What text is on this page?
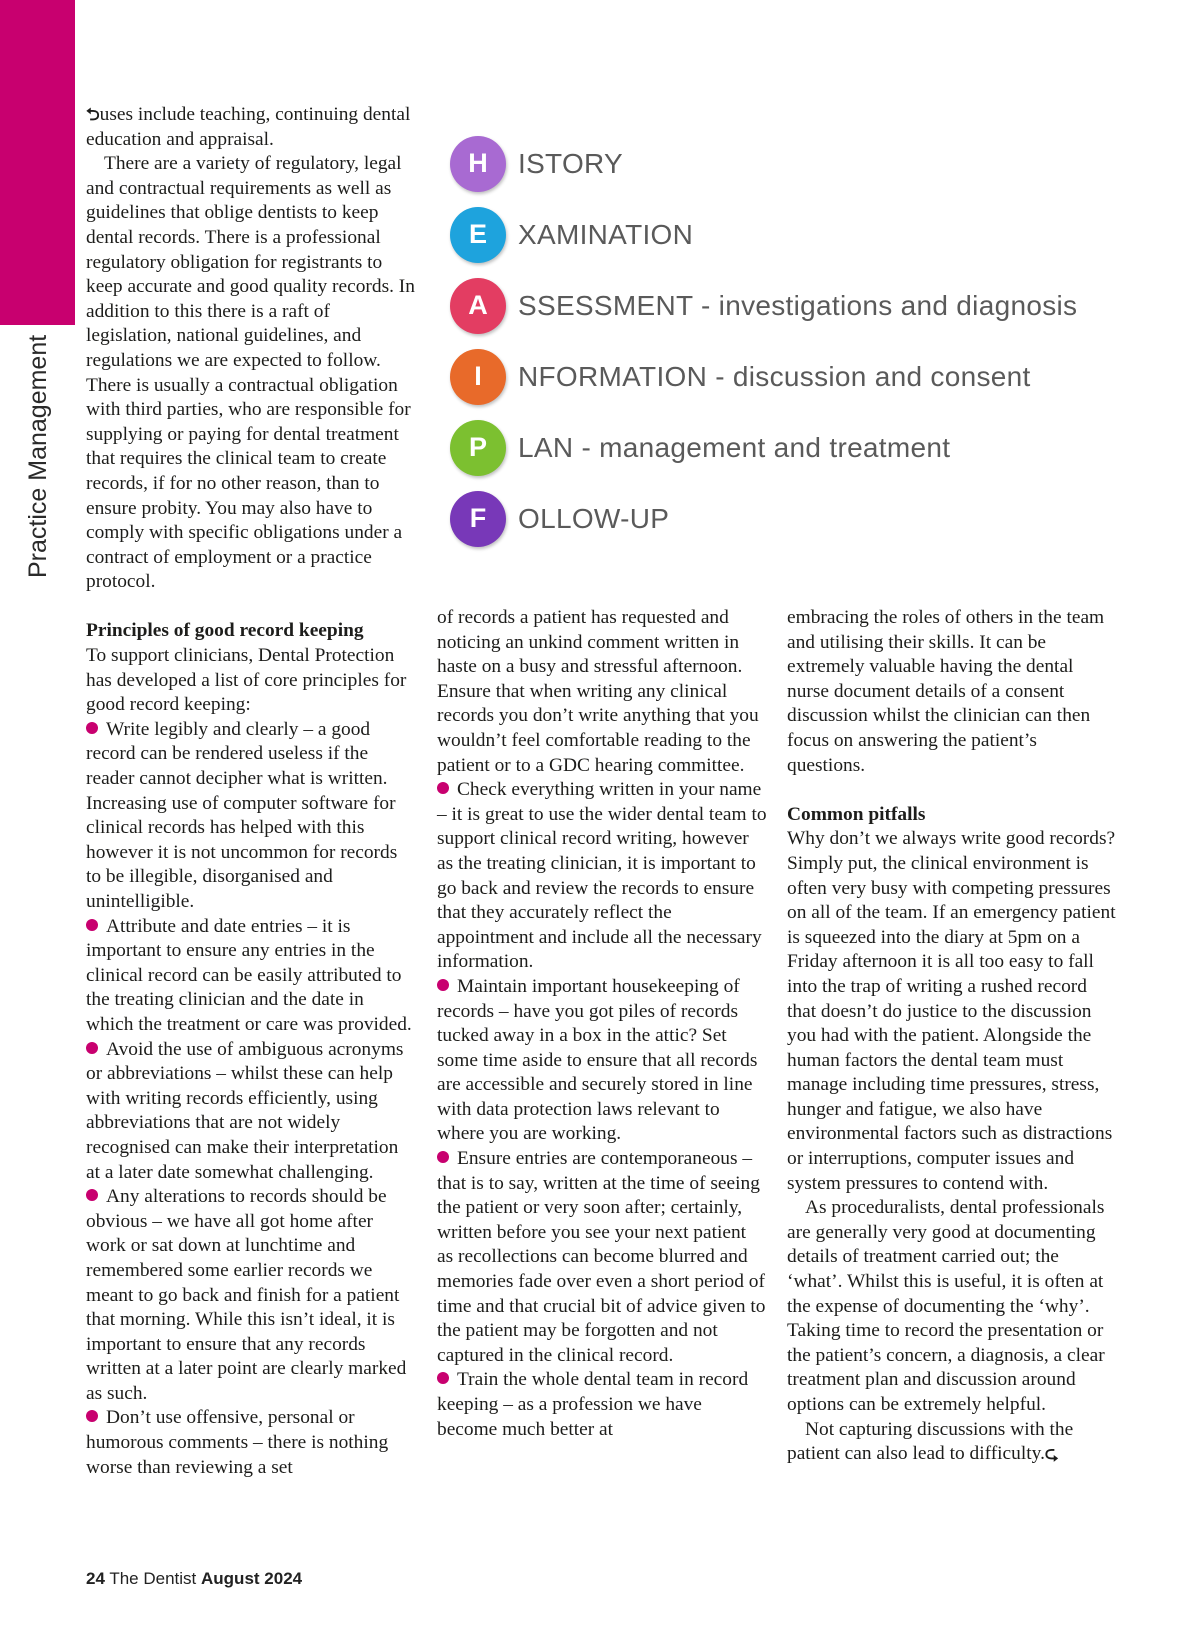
Practice Management

⮌uses include teaching, continuing dental education and appraisal.

There are a variety of regulatory, legal and contractual requirements as well as guidelines that oblige dentists to keep dental records. There is a professional regulatory obligation for registrants to keep accurate and good quality records. In addition to this there is a raft of legislation, national guidelines, and regulations we are expected to follow. There is usually a contractual obligation with third parties, who are responsible for supplying or paying for dental treatment that requires the clinical team to create records, if for no other reason, than to ensure probity. You may also have to comply with specific obligations under a contract of employment or a practice protocol.

Principles of good record keeping

To support clinicians, Dental Protection has developed a list of core principles for good record keeping:

Write legibly and clearly – a good record can be rendered useless if the reader cannot decipher what is written. Increasing use of computer software for clinical records has helped with this however it is not uncommon for records to be illegible, disorganised and unintelligible.

Attribute and date entries – it is important to ensure any entries in the clinical record can be easily attributed to the treating clinician and the date in which the treatment or care was provided.

Avoid the use of ambiguous acronyms or abbreviations – whilst these can help with writing records efficiently, using abbreviations that are not widely recognised can make their interpretation at a later date somewhat challenging.

Any alterations to records should be obvious – we have all got home after work or sat down at lunchtime and remembered some earlier records we meant to go back and finish for a patient that morning. While this isn’t ideal, it is important to ensure that any records written at a later point are clearly marked as such.

Don’t use offensive, personal or humorous comments – there is nothing worse than reviewing a set

H	ISTORY
E	XAMINATION
A	SSESSMENT - investigations and diagnosis
I	NFORMATION - discussion and consent
P	LAN - management and treatment
F	OLLOW-UP

of records a patient has requested and noticing an unkind comment written in haste on a busy and stressful afternoon. Ensure that when writing any clinical records you don’t write anything that you wouldn’t feel comfortable reading to the patient or to a GDC hearing committee.

Check everything written in your name – it is great to use the wider dental team to support clinical record writing, however as the treating clinician, it is important to go back and review the records to ensure that they accurately reflect the appointment and include all the necessary information.

Maintain important housekeeping of records – have you got piles of records tucked away in a box in the attic? Set some time aside to ensure that all records are accessible and securely stored in line with data protection laws relevant to where you are working.

Ensure entries are contemporaneous – that is to say, written at the time of seeing the patient or very soon after; certainly, written before you see your next patient as recollections can become blurred and memories fade over even a short period of time and that crucial bit of advice given to the patient may be forgotten and not captured in the clinical record.

Train the whole dental team in record keeping – as a profession we have become much better at

embracing the roles of others in the team and utilising their skills. It can be extremely valuable having the dental nurse document details of a consent discussion whilst the clinician can then focus on answering the patient’s questions.

Common pitfalls

Why don’t we always write good records? Simply put, the clinical environment is often very busy with competing pressures on all of the team. If an emergency patient is squeezed into the diary at 5pm on a Friday afternoon it is all too easy to fall into the trap of writing a rushed record that doesn’t do justice to the discussion you had with the patient. Alongside the human factors the dental team must manage including time pressures, stress, hunger and fatigue, we also have environmental factors such as distractions or interruptions, computer issues and system pressures to contend with.

As proceduralists, dental professionals are generally very good at documenting details of treatment carried out; the ‘what’. Whilst this is useful, it is often at the expense of documenting the ‘why’. Taking time to record the presentation or the patient’s concern, a diagnosis, a clear treatment plan and discussion around options can be extremely helpful.

Not capturing discussions with the patient can also lead to difficulty.⮎

24 The Dentist August 2024
